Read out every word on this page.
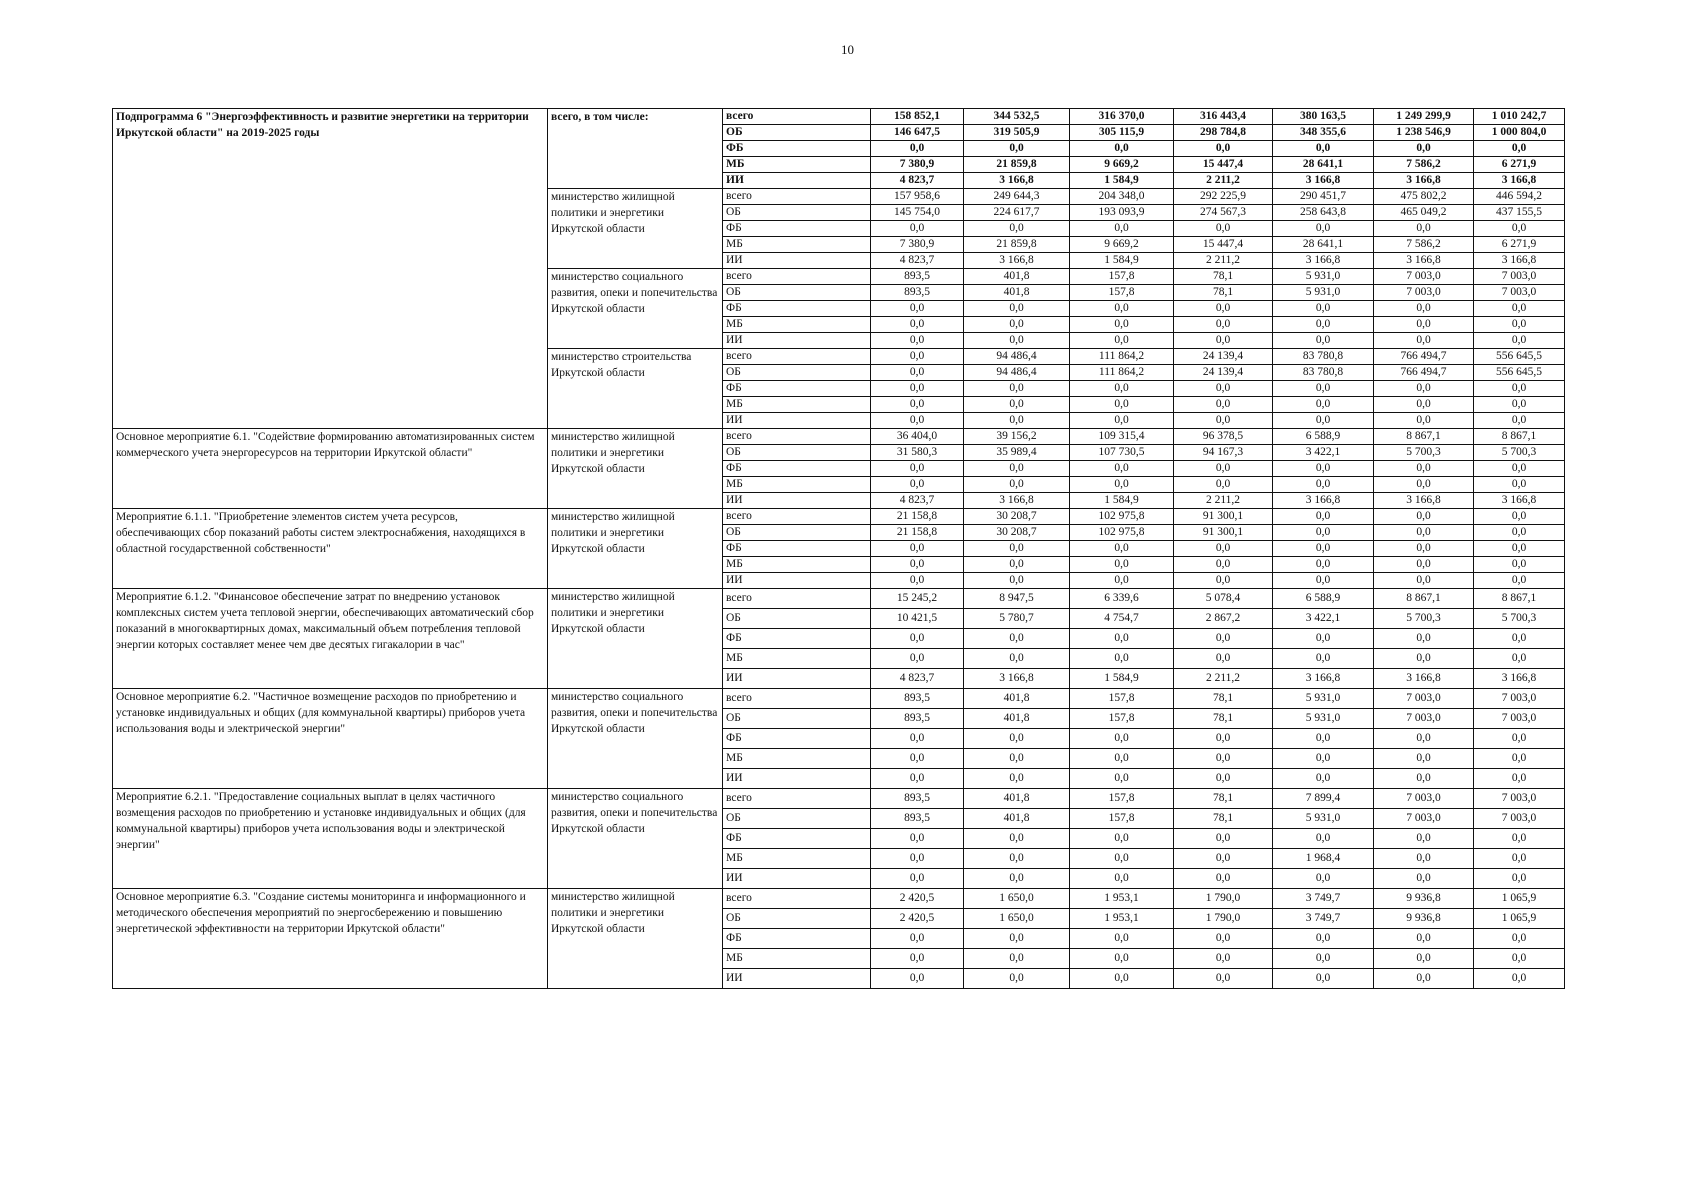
10
Подпрограмма 6 "Энергоэффективность и развитие энергетики на территории Иркутской области" на 2019-2025 годы	всего, в том числе:	всего	158 852,1	344 532,5	316 370,0	316 443,4	380 163,5	1 249 299,9	1 010 242,7
		ОБ	146 647,5	319 505,9	305 115,9	298 784,8	348 355,6	1 238 546,9	1 000 804,0
		ФБ	0,0	0,0	0,0	0,0	0,0	0,0	0,0
		МБ	7 380,9	21 859,8	9 669,2	15 447,4	28 641,1	7 586,2	6 271,9
		ИИ	4 823,7	3 166,8	1 584,9	2 211,2	3 166,8	3 166,8	3 166,8
	министерство жилищной политики и энергетики Иркутской области	всего	157 958,6	249 644,3	204 348,0	292 225,9	290 451,7	475 802,2	446 594,2
		ОБ	145 754,0	224 617,7	193 093,9	274 567,3	258 643,8	465 049,2	437 155,5
		ФБ	0,0	0,0	0,0	0,0	0,0	0,0	0,0
		МБ	7 380,9	21 859,8	9 669,2	15 447,4	28 641,1	7 586,2	6 271,9
		ИИ	4 823,7	3 166,8	1 584,9	2 211,2	3 166,8	3 166,8	3 166,8
	министерство социального развития, опеки и попечительства Иркутской области	всего	893,5	401,8	157,8	78,1	5 931,0	7 003,0	7 003,0
		ОБ	893,5	401,8	157,8	78,1	5 931,0	7 003,0	7 003,0
		ФБ	0,0	0,0	0,0	0,0	0,0	0,0	0,0
		МБ	0,0	0,0	0,0	0,0	0,0	0,0	0,0
		ИИ	0,0	0,0	0,0	0,0	0,0	0,0	0,0
	министерство строительства Иркутской области	всего	0,0	94 486,4	111 864,2	24 139,4	83 780,8	766 494,7	556 645,5
		ОБ	0,0	94 486,4	111 864,2	24 139,4	83 780,8	766 494,7	556 645,5
		ФБ	0,0	0,0	0,0	0,0	0,0	0,0	0,0
		МБ	0,0	0,0	0,0	0,0	0,0	0,0	0,0
		ИИ	0,0	0,0	0,0	0,0	0,0	0,0	0,0
Основное мероприятие 6.1. "Содействие формированию автоматизированных систем коммерческого учета энергоресурсов на территории Иркутской области"	министерство жилищной политики и энергетики Иркутской области	всего	36 404,0	39 156,2	109 315,4	96 378,5	6 588,9	8 867,1	8 867,1
		ОБ	31 580,3	35 989,4	107 730,5	94 167,3	3 422,1	5 700,3	5 700,3
		ФБ	0,0	0,0	0,0	0,0	0,0	0,0	0,0
		МБ	0,0	0,0	0,0	0,0	0,0	0,0	0,0
		ИИ	4 823,7	3 166,8	1 584,9	2 211,2	3 166,8	3 166,8	3 166,8
Мероприятие 6.1.1. "Приобретение элементов систем учета ресурсов, обеспечивающих сбор показаний работы систем электроснабжения, находящихся в областной государственной собственности"	министерство жилищной политики и энергетики Иркутской области	всего	21 158,8	30 208,7	102 975,8	91 300,1	0,0	0,0	0,0
		ОБ	21 158,8	30 208,7	102 975,8	91 300,1	0,0	0,0	0,0
		ФБ	0,0	0,0	0,0	0,0	0,0	0,0	0,0
		МБ	0,0	0,0	0,0	0,0	0,0	0,0	0,0
		ИИ	0,0	0,0	0,0	0,0	0,0	0,0	0,0
Мероприятие 6.1.2. "Финансовое обеспечение затрат по внедрению установок комплексных систем учета тепловой энергии, обеспечивающих автоматический сбор показаний в многоквартирных домах, максимальный объем потребления тепловой энергии которых составляет менее чем две десятых гигакалории в час"	министерство жилищной политики и энергетики Иркутской области	всего	15 245,2	8 947,5	6 339,6	5 078,4	6 588,9	8 867,1	8 867,1
		ОБ	10 421,5	5 780,7	4 754,7	2 867,2	3 422,1	5 700,3	5 700,3
		ФБ	0,0	0,0	0,0	0,0	0,0	0,0	0,0
		МБ	0,0	0,0	0,0	0,0	0,0	0,0	0,0
		ИИ	4 823,7	3 166,8	1 584,9	2 211,2	3 166,8	3 166,8	3 166,8
Основное мероприятие 6.2. "Частичное возмещение расходов по приобретению и установке индивидуальных и общих (для коммунальной квартиры) приборов учета использования воды и электрической энергии"	министерство социального развития, опеки и попечительства Иркутской области	всего	893,5	401,8	157,8	78,1	5 931,0	7 003,0	7 003,0
		ОБ	893,5	401,8	157,8	78,1	5 931,0	7 003,0	7 003,0
		ФБ	0,0	0,0	0,0	0,0	0,0	0,0	0,0
		МБ	0,0	0,0	0,0	0,0	0,0	0,0	0,0
		ИИ	0,0	0,0	0,0	0,0	0,0	0,0	0,0
Мероприятие 6.2.1. "Предоставление социальных выплат в целях частичного возмещения расходов по приобретению и установке индивидуальных и общих (для коммунальной квартиры) приборов учета использования воды и электрической энергии"	министерство социального развития, опеки и попечительства Иркутской области	всего	893,5	401,8	157,8	78,1	7 899,4	7 003,0	7 003,0
		ОБ	893,5	401,8	157,8	78,1	5 931,0	7 003,0	7 003,0
		ФБ	0,0	0,0	0,0	0,0	0,0	0,0	0,0
		МБ	0,0	0,0	0,0	0,0	1 968,4	0,0	0,0
		ИИ	0,0	0,0	0,0	0,0	0,0	0,0	0,0
Основное мероприятие 6.3. "Создание системы мониторинга и информационного и методического обеспечения мероприятий по энергосбережению и повышению энергетической эффективности на территории Иркутской области"	министерство жилищной политики и энергетики Иркутской области	всего	2 420,5	1 650,0	1 953,1	1 790,0	3 749,7	9 936,8	1 065,9
		ОБ	2 420,5	1 650,0	1 953,1	1 790,0	3 749,7	9 936,8	1 065,9
		ФБ	0,0	0,0	0,0	0,0	0,0	0,0	0,0
		МБ	0,0	0,0	0,0	0,0	0,0	0,0	0,0
		ИИ	0,0	0,0	0,0	0,0	0,0	0,0	0,0
